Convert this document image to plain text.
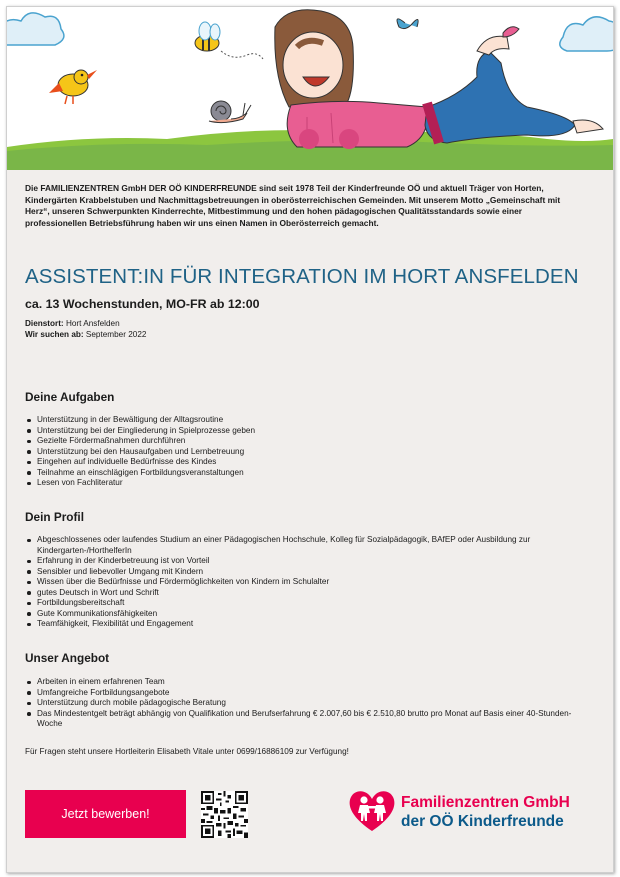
Die FAMILIENZENTREN GmbH DER OÖ KINDERFREUNDE sind seit 1978 Teil der Kinderfreunde OÖ und aktuell Träger von Horten, Kindergärten Krabbelstuben und Nachmittagsbetreuungen in oberösterreichischen Gemeinden. Mit unserem Motto „Gemeinschaft mit Herz“, unseren Schwerpunkten Kinderrechte, Mitbestimmung und den hohen pädagogischen Qualitätsstandards sowie einer professionellen Betriebsführung haben wir uns einen Namen in Oberösterreich gemacht.

ASSISTENT:IN FÜR INTEGRATION IM HORT ANSFELDEN
ca. 13 Wochenstunden, MO-FR ab 12:00
Dienstort: Hort Ansfelden
Wir suchen ab: September 2022
Deine Aufgaben
Unterstützung in der Bewältigung der Alltagsroutine
Unterstützung bei der Eingliederung in Spielprozesse geben
Gezielte Fördermaßnahmen durchführen
Unterstützung bei den Hausaufgaben und Lernbetreuung
Eingehen auf individuelle Bedürfnisse des Kindes
Teilnahme an einschlägigen Fortbildungsveranstaltungen
Lesen von Fachliteratur
Dein Profil
Abgeschlossenes oder laufendes Studium an einer Pädagogischen Hochschule, Kolleg für Sozialpädagogik, BAfEP oder Ausbildung zur Kindergarten-/HorthelferIn
Erfahrung in der Kinderbetreuung ist von Vorteil
Sensibler und liebevoller Umgang mit Kindern
Wissen über die Bedürfnisse und Fördermöglichkeiten von Kindern im Schulalter
gutes Deutsch in Wort und Schrift
Fortbildungsbereitschaft
Gute Kommunikationsfähigkeiten
Teamfähigkeit, Flexibilität und Engagement
Unser Angebot
Arbeiten in einem erfahrenen Team
Umfangreiche Fortbildungsangebote
Unterstützung durch mobile pädagogische Beratung
Das Mindestentgelt beträgt abhängig von Qualifikation und Berufserfahrung € 2.007,60 bis € 2.510,80 brutto pro Monat auf Basis einer 40-Stunden-Woche
Für Fragen steht unsere Hortleiterin Elisabeth Vitale unter 0699/16886109 zur Verfügung!
Jetzt bewerben!
Familienzentren GmbH
der OÖ Kinderfreunde
